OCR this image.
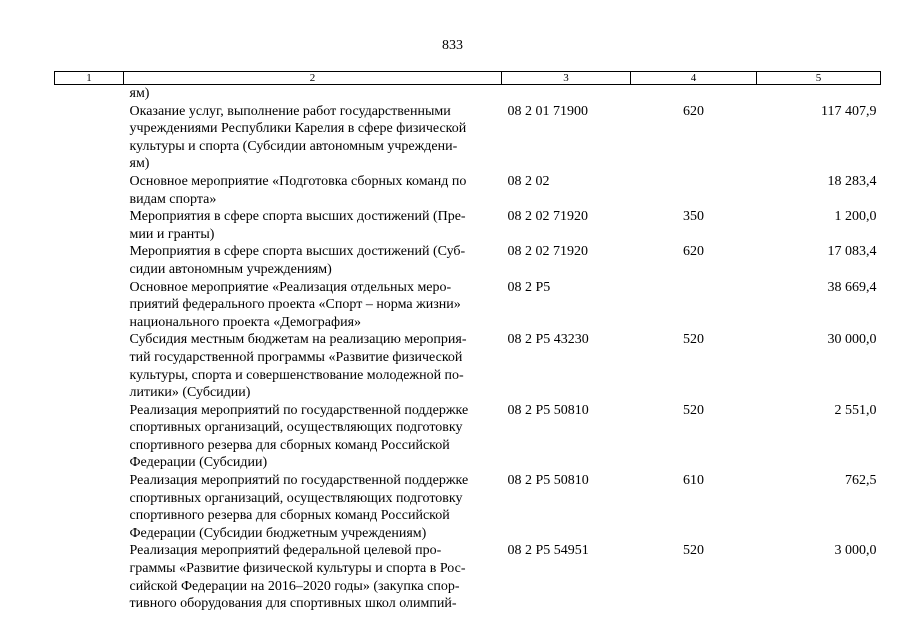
833
1	2	3	4	5

	ям)			

	Оказание услуг, выполнение работ государственными
учреждениями Республики Карелия в сфере физической
культуры и спорта (Субсидии автономным учреждени-
ям)	08 2 01 71900	620	117 407,9

	Основное мероприятие «Подготовка сборных команд по
видам спорта»	08 2 02		18 283,4

	Мероприятия в сфере спорта высших достижений (Пре-
мии и гранты)	08 2 02 71920	350	1 200,0

	Мероприятия в сфере спорта высших достижений (Суб-
сидии автономным учреждениям)	08 2 02 71920	620	17 083,4

	Основное мероприятие «Реализация отдельных меро-
приятий федерального проекта «Спорт – норма жизни»
национального проекта «Демография»	08 2 P5		38 669,4

	Субсидия местным бюджетам на реализацию мероприя-
тий государственной программы «Развитие физической
культуры, спорта и совершенствование молодежной по-
литики» (Субсидии)	08 2 P5 43230	520	30 000,0

	Реализация мероприятий по государственной поддержке
спортивных организаций, осуществляющих подготовку
спортивного резерва для сборных команд Российской
Федерации (Субсидии)	08 2 P5 50810	520	2 551,0

	Реализация мероприятий по государственной поддержке
спортивных организаций, осуществляющих подготовку
спортивного резерва для сборных команд Российской
Федерации (Субсидии бюджетным учреждениям)	08 2 P5 50810	610	762,5

	Реализация мероприятий федеральной целевой про-
граммы «Развитие физической культуры и спорта в Рос-
сийской Федерации на 2016–2020 годы» (закупка спор-
тивного оборудования для спортивных школ олимпий-	08 2 P5 54951	520	3 000,0
